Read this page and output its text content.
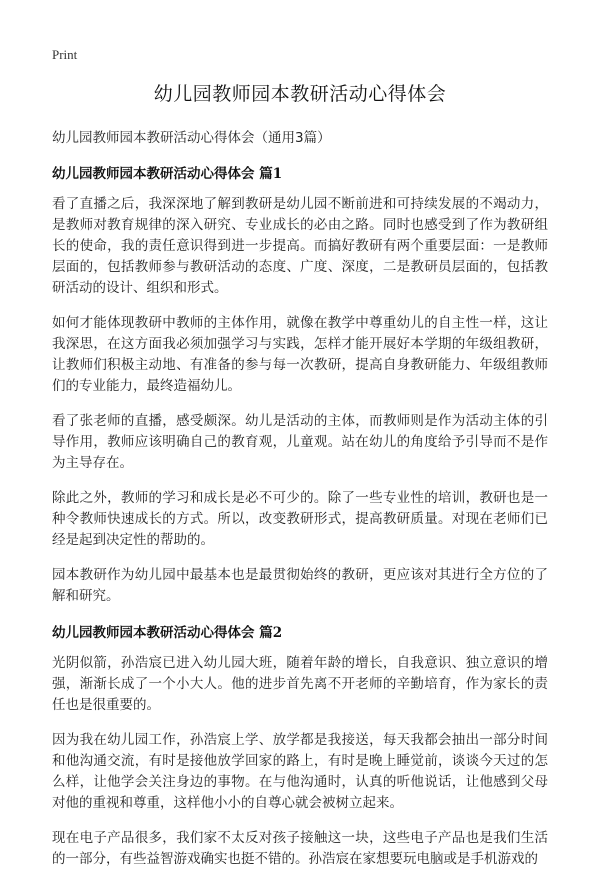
Print
幼儿园教师园本教研活动心得体会

幼儿园教师园本教研活动心得体会（通用3篇）

幼儿园教师园本教研活动心得体会 篇1

看了直播之后，我深深地了解到教研是幼儿园不断前进和可持续发展的不竭动力，是教师对教育规律的深入研究、专业成长的必由之路。同时也感受到了作为教研组长的使命，我的责任意识得到进一步提高。而搞好教研有两个重要层面：一是教师层面的，包括教师参与教研活动的态度、广度、深度，二是教研员层面的，包括教研活动的设计、组织和形式。

如何才能体现教研中教师的主体作用，就像在教学中尊重幼儿的自主性一样，这让我深思，在这方面我必须加强学习与实践，怎样才能开展好本学期的年级组教研，让教师们积极主动地、有准备的参与每一次教研，提高自身教研能力、年级组教师们的专业能力，最终造福幼儿。

看了张老师的直播，感受颇深。幼儿是活动的主体，而教师则是作为活动主体的引导作用，教师应该明确自己的教育观，儿童观。站在幼儿的角度给予引导而不是作为主导存在。

除此之外，教师的学习和成长是必不可少的。除了一些专业性的培训，教研也是一种令教师快速成长的方式。所以，改变教研形式，提高教研质量。对现在老师们已经是起到决定性的帮助的。

园本教研作为幼儿园中最基本也是最贯彻始终的教研，更应该对其进行全方位的了解和研究。

幼儿园教师园本教研活动心得体会 篇2

光阴似箭，孙浩宸已进入幼儿园大班，随着年龄的增长，自我意识、独立意识的增强，渐渐长成了一个小大人。他的进步首先离不开老师的辛勤培育，作为家长的责任也是很重要的。

因为我在幼儿园工作，孙浩宸上学、放学都是我接送，每天我都会抽出一部分时间和他沟通交流，有时是接他放学回家的路上，有时是晚上睡觉前，谈谈今天过的怎么样，让他学会关注身边的事物。在与他沟通时，认真的听他说话，让他感到父母对他的重视和尊重，这样他小小的自尊心就会被树立起来。

现在电子产品很多，我们家不太反对孩子接触这一块，这些电子产品也是我们生活的一部分，有些益智游戏确实也挺不错的。孙浩宸在家想要玩电脑或是手机游戏的
